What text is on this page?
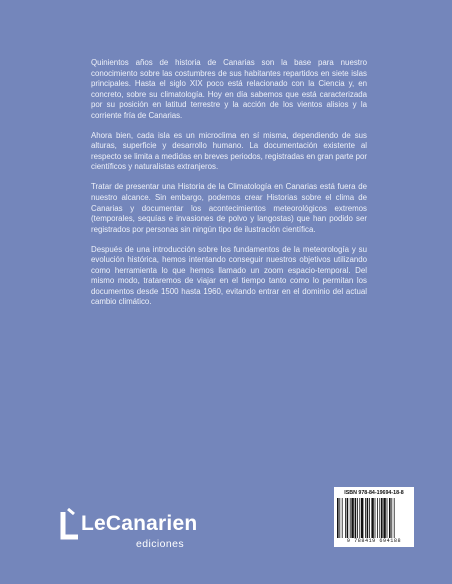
Quinientos años de historia de Canarias son la base para nuestro conocimiento sobre las costumbres de sus habitantes repartidos en siete islas principales. Hasta el siglo XIX poco está relacionado con la Ciencia y, en concreto, sobre su climatología. Hoy en día sabemos que está caracterizada por su posición en latitud terrestre y la acción de los vientos alisios y la corriente fría de Canarias.

Ahora bien, cada isla es un microclima en sí misma, dependiendo de sus alturas, superficie y desarrollo humano. La documentación existente al respecto se limita a medidas en breves periodos, registradas en gran parte por científicos y naturalistas extranjeros.

Tratar de presentar una Historia de la Climatología en Canarias está fuera de nuestro alcance. Sin embargo, podemos crear Historias sobre el clima de Canarias y documentar los acontecimientos meteorológicos extremos (temporales, sequías e invasiones de polvo y langostas) que han podido ser registrados por personas sin ningún tipo de ilustración científica.

Después de una introducción sobre los fundamentos de la meteorología y su evolución histórica, hemos intentando conseguir nuestros objetivos utilizando como herramienta lo que hemos llamado un zoom espacio-temporal. Del mismo modo, trataremos de viajar en el tiempo tanto como lo permitan los documentos desde 1500 hasta 1960, evitando entrar en el dominio del actual cambio climático.

LeCanarien
ediciones
ISBN 978-84-19694-18-8
9 788419 694188
